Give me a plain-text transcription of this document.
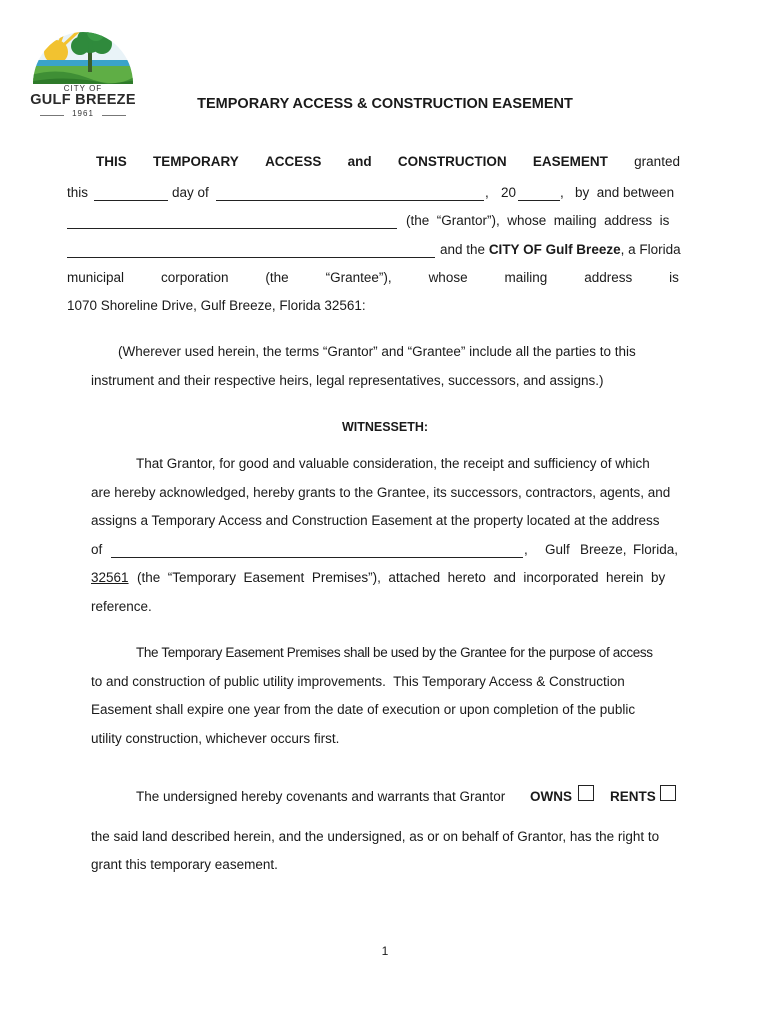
CITY OF
GULF BREEZE
1961
TEMPORARY ACCESS & CONSTRUCTION EASEMENT
THIS TEMPORARY ACCESS and CONSTRUCTION EASEMENT granted
this	day of	, 20	,   by  and between
(the  “Grantor”),  whose  mailing  address  is
and the CITY OF Gulf Breeze, a Florida
municipal	corporation	(the	“Grantee”),	whose	mailing	address	is
1070 Shoreline Drive, Gulf Breeze, Florida 32561:
(Wherever used herein, the terms “Grantor” and “Grantee” include all the parties to this
instrument and their respective heirs, legal representatives, successors, and assigns.)
WITNESSETH:
That Grantor, for good and valuable consideration, the receipt and sufficiency of which
are hereby acknowledged, hereby grants to the Grantee, its successors, contractors, agents, and
assigns a Temporary Access and Construction Easement at the property located at the address
of	, Gulf Breeze, Florida,
32561 (the  “Temporary  Easement  Premises”),  attached  hereto  and  incorporated  herein  by
reference.
The Temporary Easement Premises shall be used by the Grantee for the purpose of access
to and construction of public utility improvements.  This Temporary Access & Construction
Easement shall expire one year from the date of execution or upon completion of the public
utility construction, whichever occurs first.
The undersigned hereby covenants and warrants that Grantor OWNS	RENTS
the said land described herein, and the undersigned, as or on behalf of Grantor, has the right to
grant this temporary easement.
1
